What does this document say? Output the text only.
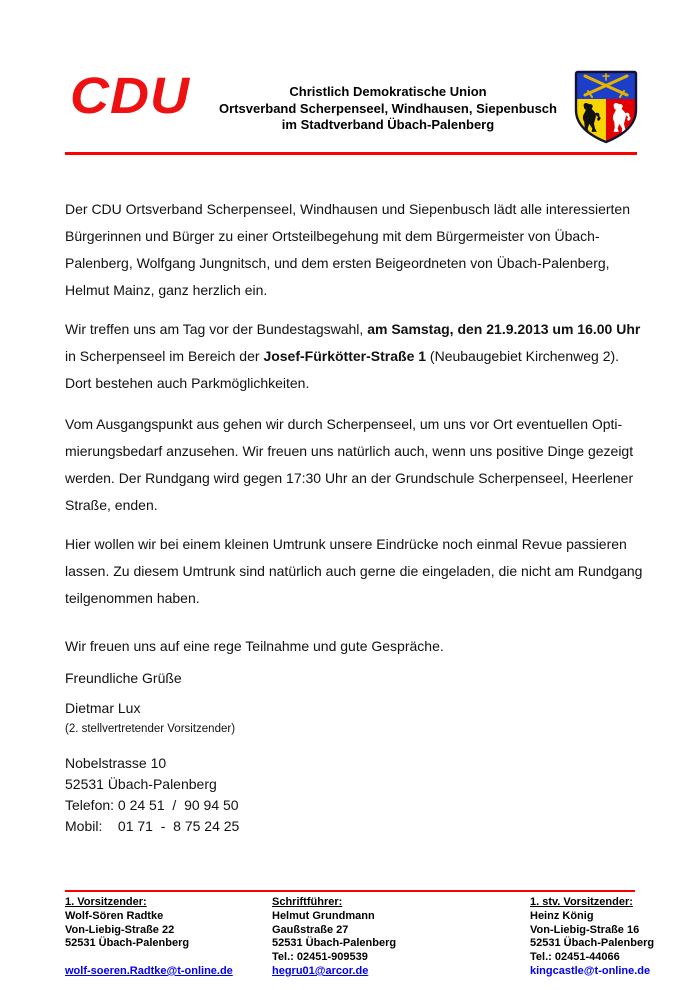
CDU	Christlich Demokratische Union
Ortsverband Scherpenseel, Windhausen, Siepenbusch
im Stadtverband Übach-Palenberg
Der CDU Ortsverband Scherpenseel, Windhausen und Siepenbusch lädt alle interessierten
Bürgerinnen und Bürger zu einer Ortsteilbegehung mit dem Bürgermeister von Übach-
Palenberg, Wolfgang Jungnitsch, und dem ersten Beigeordneten von Übach-Palenberg,
Helmut Mainz, ganz herzlich ein.
Wir treffen uns am Tag vor der Bundestagswahl, am Samstag, den 21.9.2013 um 16.00 Uhr
in Scherpenseel im Bereich der Josef-Fürkötter-Straße 1 (Neubaugebiet Kirchenweg 2).
Dort bestehen auch Parkmöglichkeiten.
Vom Ausgangspunkt aus gehen wir durch Scherpenseel, um uns vor Ort eventuellen Opti-
mierungsbedarf anzusehen. Wir freuen uns natürlich auch, wenn uns positive Dinge gezeigt
werden. Der Rundgang wird gegen 17:30 Uhr an der Grundschule Scherpenseel, Heerlener
Straße, enden.
Hier wollen wir bei einem kleinen Umtrunk unsere Eindrücke noch einmal Revue passieren
lassen. Zu diesem Umtrunk sind natürlich auch gerne die eingeladen, die nicht am Rundgang
teilgenommen haben.
Wir freuen uns auf eine rege Teilnahme und gute Gespräche.
Freundliche Grüße
Dietmar Lux
(2. stellvertretender Vorsitzender)
Nobelstrasse 10
52531 Übach-Palenberg
Telefon: 0 24 51  /  90 94 50
Mobil:    01 71  -  8 75 24 25
1. Vorsitzender:
Wolf-Sören Radtke
Von-Liebig-Straße 22
52531 Übach-Palenberg
wolf-soeren.Radtke@t-online.de
Schriftführer:
Helmut Grundmann
Gaußstraße 27
52531 Übach-Palenberg
Tel.: 02451-909539
hegru01@arcor.de
1. stv. Vorsitzender:
Heinz König
Von-Liebig-Straße 16
52531 Übach-Palenberg
Tel.: 02451-44066
kingcastle@t-online.de
